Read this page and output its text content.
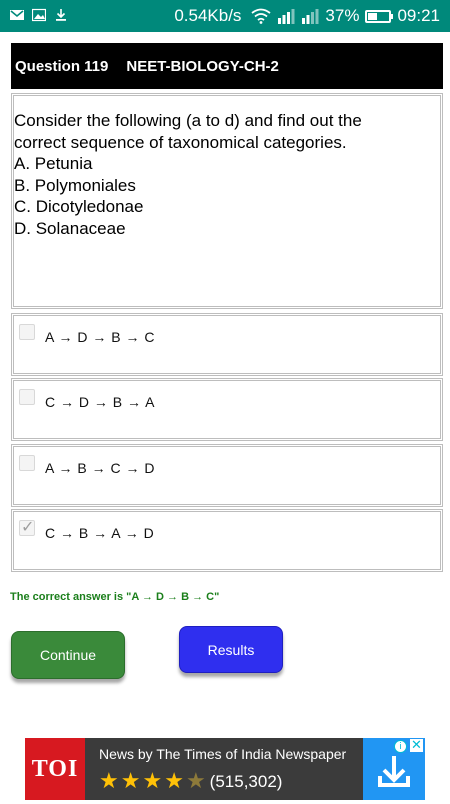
0.54Kb/s	37% 09:21
Question 119 NEET-BIOLOGY-CH-2
Consider the following (a to d) and find out the
correct sequence of taxonomical categories.
A. Petunia
B. Polymoniales
C. Dicotyledonae
D. Solanaceae
A → D → B → C
C → D → B → A
A → B → C → D
✓
C → B → A → D
The correct answer is "A → D → B → C"
Continue	Results
TOI
News by The Times of India Newspaper
★ ★ ★ ★ ★ (515,302)
i ✕
